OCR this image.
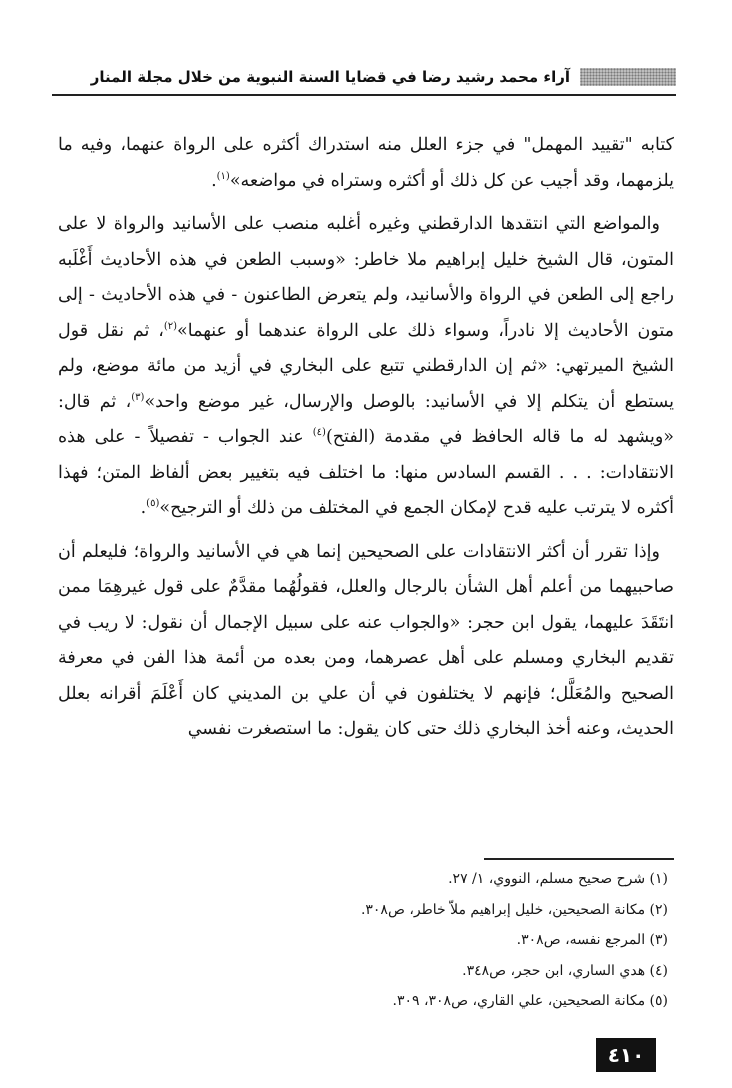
آراء محمد رشيد رضا في قضايا السنة النبوية من خلال مجلة المنار

كتابه "تقييد المهمل" في جزء العلل منه استدراك أكثره على الرواة عنهما، وفيه ما يلزمهما، وقد أجيب عن كل ذلك أو أكثره وستراه في مواضعه»$^{(١)}$.

والمواضع التي انتقدها الدارقطني وغيره أغلبه منصب على الأسانيد والرواة لا على المتون، قال الشيخ خليل إبراهيم ملا خاطر: «وسبب الطعن في هذه الأحاديث أَغْلَبه راجع إلى الطعن في الرواة والأسانيد، ولم يتعرض الطاعنون - في هذه الأحاديث - إلى متون الأحاديث إلا نادراً، وسواء ذلك على الرواة عندهما أو عنهما»$^{(٢)}$، ثم نقل قول الشيخ الميرتهي: «ثم إن الدارقطني تتبع على البخاري في أزيد من مائة موضع، ولم يستطع أن يتكلم إلا في الأسانيد: بالوصل والإرسال، غير موضع واحد»$^{(٣)}$، ثم قال: «ويشهد له ما قاله الحافظ في مقدمة (الفتح)$^{(٤)}$ عند الجواب - تفصيلاً - على هذه الانتقادات: . . . القسم السادس منها: ما اختلف فيه بتغيير بعض ألفاظ المتن؛ فهذا أكثره لا يترتب عليه قدح لإمكان الجمع في المختلف من ذلك أو الترجيح»$^{(٥)}$.

وإذا تقرر أن أكثر الانتقادات على الصحيحين إنما هي في الأسانيد والرواة؛ فليعلم أن صاحبيهما من أعلم أهل الشأن بالرجال والعلل، فقولُهُما مقدَّمٌ على قول غيرهِمَا ممن انتَقَدَ عليهما، يقول ابن حجر: «والجواب عنه على سبيل الإجمال أن نقول: لا ريب في تقديم البخاري ومسلم على أهل عصرهما، ومن بعده من أئمة هذا الفن في معرفة الصحيح والمُعَلَّل؛ فإنهم لا يختلفون في أن علي بن المديني كان أَعْلَمَ أقرانه بعلل الحديث، وعنه أخذ البخاري ذلك حتى كان يقول: ما استصغرت نفسي

(١) شرح صحيح مسلم، النووي، ١/ ٢٧.

(٢) مكانة الصحيحين، خليل إبراهيم ملاّ خاطر، ص٣٠٨.

(٣) المرجع نفسه، ص٣٠٨.

(٤) هدي الساري، ابن حجر، ص٣٤٨.

(٥) مكانة الصحيحين، علي القاري، ص٣٠٨، ٣٠٩.

٤١٠
